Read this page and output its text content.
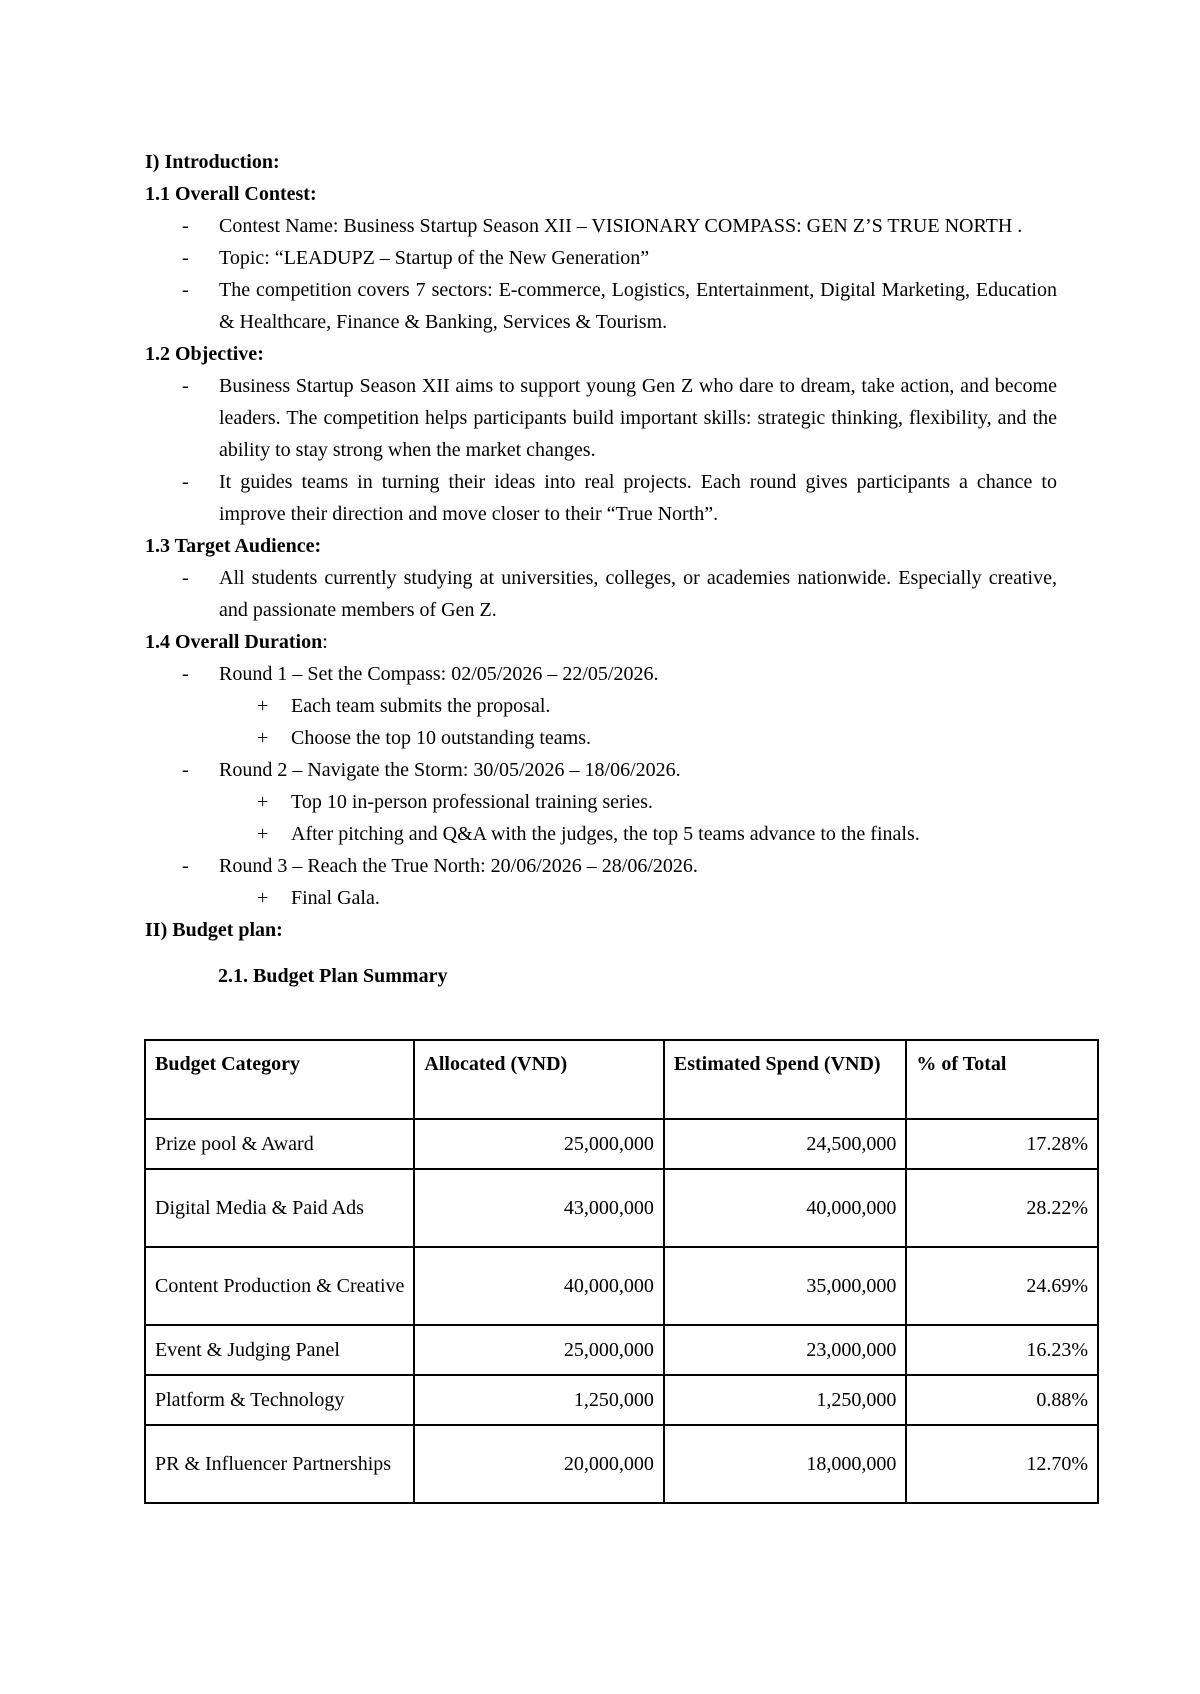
I) Introduction:

1.1 Overall Contest:

- Contest Name: Business Startup Season XII – VISIONARY COMPASS: GEN Z’S TRUE NORTH .

- Topic: “LEADUPZ – Startup of the New Generation”

- The competition covers 7 sectors: E-commerce, Logistics, Entertainment, Digital Marketing, Education & Healthcare, Finance & Banking, Services & Tourism.

1.2 Objective:

- Business Startup Season XII aims to support young Gen Z who dare to dream, take action, and become leaders. The competition helps participants build important skills: strategic thinking, flexibility, and the ability to stay strong when the market changes.

- It guides teams in turning their ideas into real projects. Each round gives participants a chance to improve their direction and move closer to their “True North”.

1.3 Target Audience:

- All students currently studying at universities, colleges, or academies nationwide. Especially creative, and passionate members of Gen Z.

1.4 Overall Duration:

- Round 1 – Set the Compass: 02/05/2026 – 22/05/2026.

+ Each team submits the proposal.

+ Choose the top 10 outstanding teams.

- Round 2 – Navigate the Storm: 30/05/2026 – 18/06/2026.

+ Top 10 in-person professional training series.

+ After pitching and Q&A with the judges, the top 5 teams advance to the finals.

- Round 3 – Reach the True North: 20/06/2026 – 28/06/2026.

+ Final Gala.

II) Budget plan:

2.1. Budget Plan Summary

Budget Category	Allocated (VND)	Estimated Spend (VND)	% of Total
Prize pool & Award	25,000,000	24,500,000	17.28%
Digital Media & Paid Ads	43,000,000	40,000,000	28.22%
Content Production & Creative	40,000,000	35,000,000	24.69%
Event & Judging Panel	25,000,000	23,000,000	16.23%
Platform & Technology	1,250,000	1,250,000	0.88%
PR & Influencer Partnerships	20,000,000	18,000,000	12.70%
